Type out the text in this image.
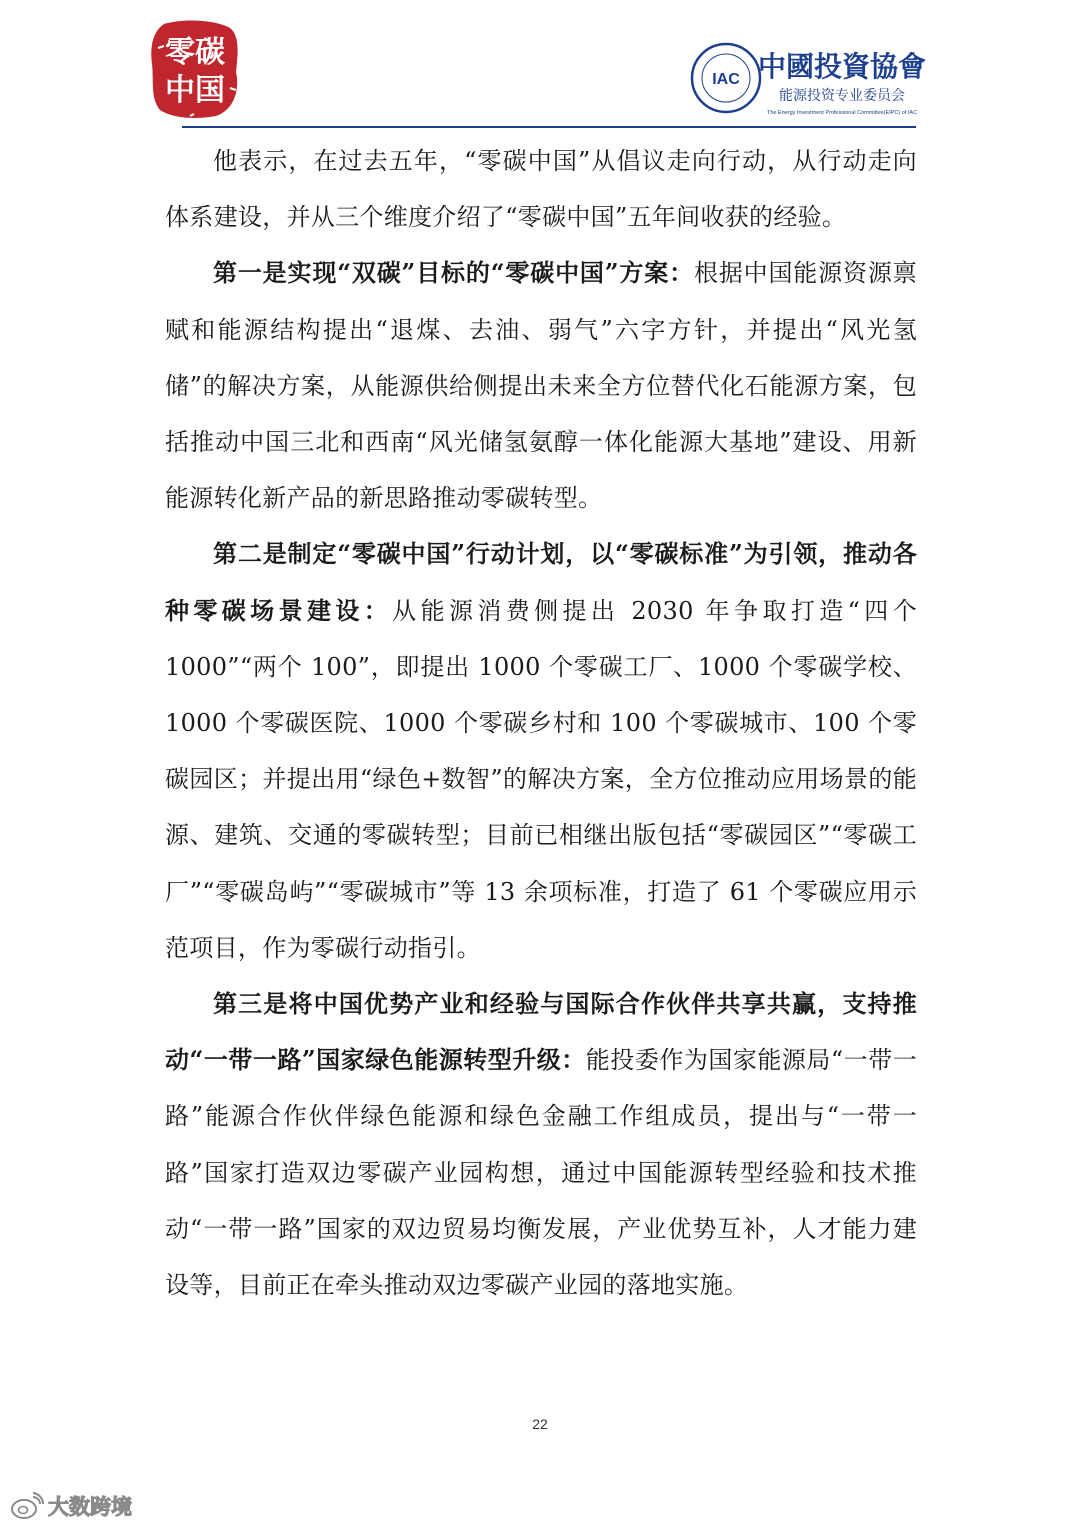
零碳
中国	IAC 中國投資協會
能源投资专业委员会
The Energy Investment Professional Committee(EIPC) of IAC

他表示，在过去五年，“零碳中国”从倡议走向行动，从行动走向体系建设，并从三个维度介绍了“零碳中国”五年间收获的经验。

第一是实现“双碳”目标的“零碳中国”方案：根据中国能源资源禀赋和能源结构提出“退煤、去油、弱气”六字方针，并提出“风光氢储”的解决方案，从能源供给侧提出未来全方位替代化石能源方案，包括推动中国三北和西南“风光储氢氨醇一体化能源大基地”建设、用新能源转化新产品的新思路推动零碳转型。

第二是制定“零碳中国”行动计划，以“零碳标准”为引领，推动各种零碳场景建设：从能源消费侧提出 2030 年争取打造“四个 1000”“两个 100”，即提出 1000 个零碳工厂、1000 个零碳学校、1000 个零碳医院、1000 个零碳乡村和 100 个零碳城市、100 个零碳园区；并提出用“绿色+数智”的解决方案，全方位推动应用场景的能源、建筑、交通的零碳转型；目前已相继出版包括“零碳园区”“零碳工厂”“零碳岛屿”“零碳城市”等 13 余项标准，打造了 61 个零碳应用示范项目，作为零碳行动指引。

第三是将中国优势产业和经验与国际合作伙伴共享共赢，支持推动“一带一路”国家绿色能源转型升级：能投委作为国家能源局“一带一路”能源合作伙伴绿色能源和绿色金融工作组成员，提出与“一带一路”国家打造双边零碳产业园构想，通过中国能源转型经验和技术推动“一带一路”国家的双边贸易均衡发展，产业优势互补，人才能力建设等，目前正在牵头推动双边零碳产业园的落地实施。

22
大数跨境
